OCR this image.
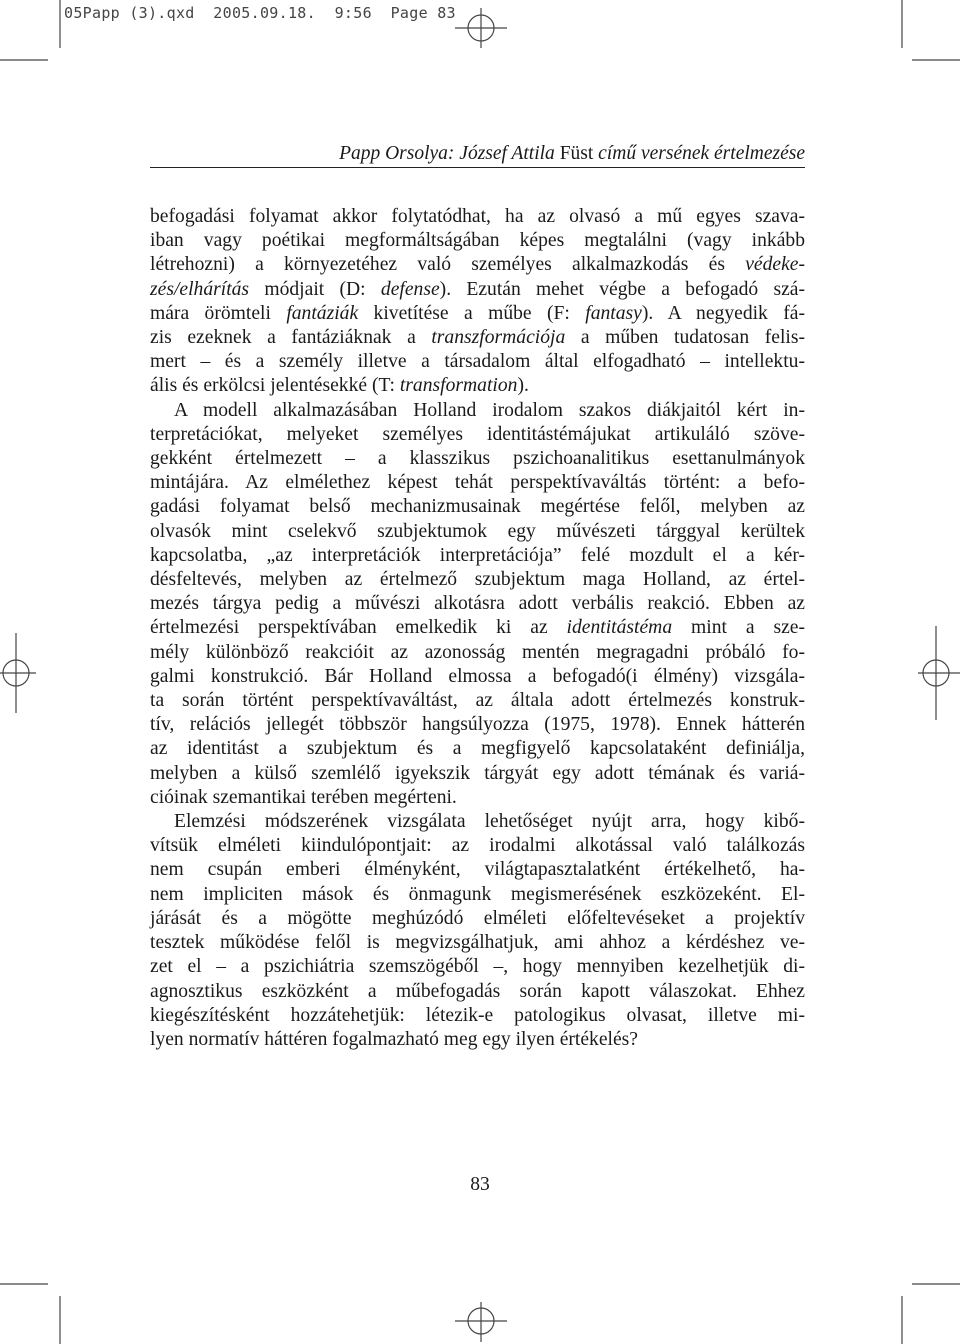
05Papp (3).qxd  2005.09.18.  9:56  Page 83
Papp Orsolya: József Attila Füst című versének értelmezése
befogadási folyamat akkor folytatódhat, ha az olvasó a mű egyes szava-
iban vagy poétikai megformáltságában képes megtalálni (vagy inkább
létrehozni) a környezetéhez való személyes alkalmazkodás és védeke-
zés/elhárítás módjait (D: defense). Ezután mehet végbe a befogadó szá-
mára örömteli fantáziák kivetítése a műbe (F: fantasy). A negyedik fá-
zis ezeknek a fantáziáknak a transzformációja a műben tudatosan felis-
mert – és a személy illetve a társadalom által elfogadható – intellektu-
ális és erkölcsi jelentésekké (T: transformation).
A modell alkalmazásában Holland irodalom szakos diákjaitól kért in-
terpretációkat, melyeket személyes identitástémájukat artikuláló szöve-
gekként értelmezett – a klasszikus pszichoanalitikus esettanulmányok
mintájára. Az elmélethez képest tehát perspektívaváltás történt: a befo-
gadási folyamat belső mechanizmusainak megértése felől, melyben az
olvasók mint cselekvő szubjektumok egy művészeti tárggyal kerültek
kapcsolatba, „az interpretációk interpretációja” felé mozdult el a kér-
désfeltevés, melyben az értelmező szubjektum maga Holland, az értel-
mezés tárgya pedig a művészi alkotásra adott verbális reakció. Ebben az
értelmezési perspektívában emelkedik ki az identitástéma mint a sze-
mély különböző reakcióit az azonosság mentén megragadni próbáló fo-
galmi konstrukció. Bár Holland elmossa a befogadó(i élmény) vizsgála-
ta során történt perspektívaváltást, az általa adott értelmezés konstruk-
tív, relációs jellegét többször hangsúlyozza (1975, 1978). Ennek hátterén
az identitást a szubjektum és a megfigyelő kapcsolataként definiálja,
melyben a külső szemlélő igyekszik tárgyát egy adott témának és variá-
cióinak szemantikai terében megérteni.
Elemzési módszerének vizsgálata lehetőséget nyújt arra, hogy kibő-
vítsük elméleti kiindulópontjait: az irodalmi alkotással való találkozás
nem csupán emberi élményként, világtapasztalatként értékelhető, ha-
nem impliciten mások és önmagunk megismerésének eszközeként. El-
járását és a mögötte meghúzódó elméleti előfeltevéseket a projektív
tesztek működése felől is megvizsgálhatjuk, ami ahhoz a kérdéshez ve-
zet el – a pszichiátria szemszögéből –, hogy mennyiben kezelhetjük di-
agnosztikus eszközként a műbefogadás során kapott válaszokat. Ehhez
kiegészítésként hozzátehetjük: létezik-e patologikus olvasat, illetve mi-
lyen normatív háttéren fogalmazható meg egy ilyen értékelés?
83
